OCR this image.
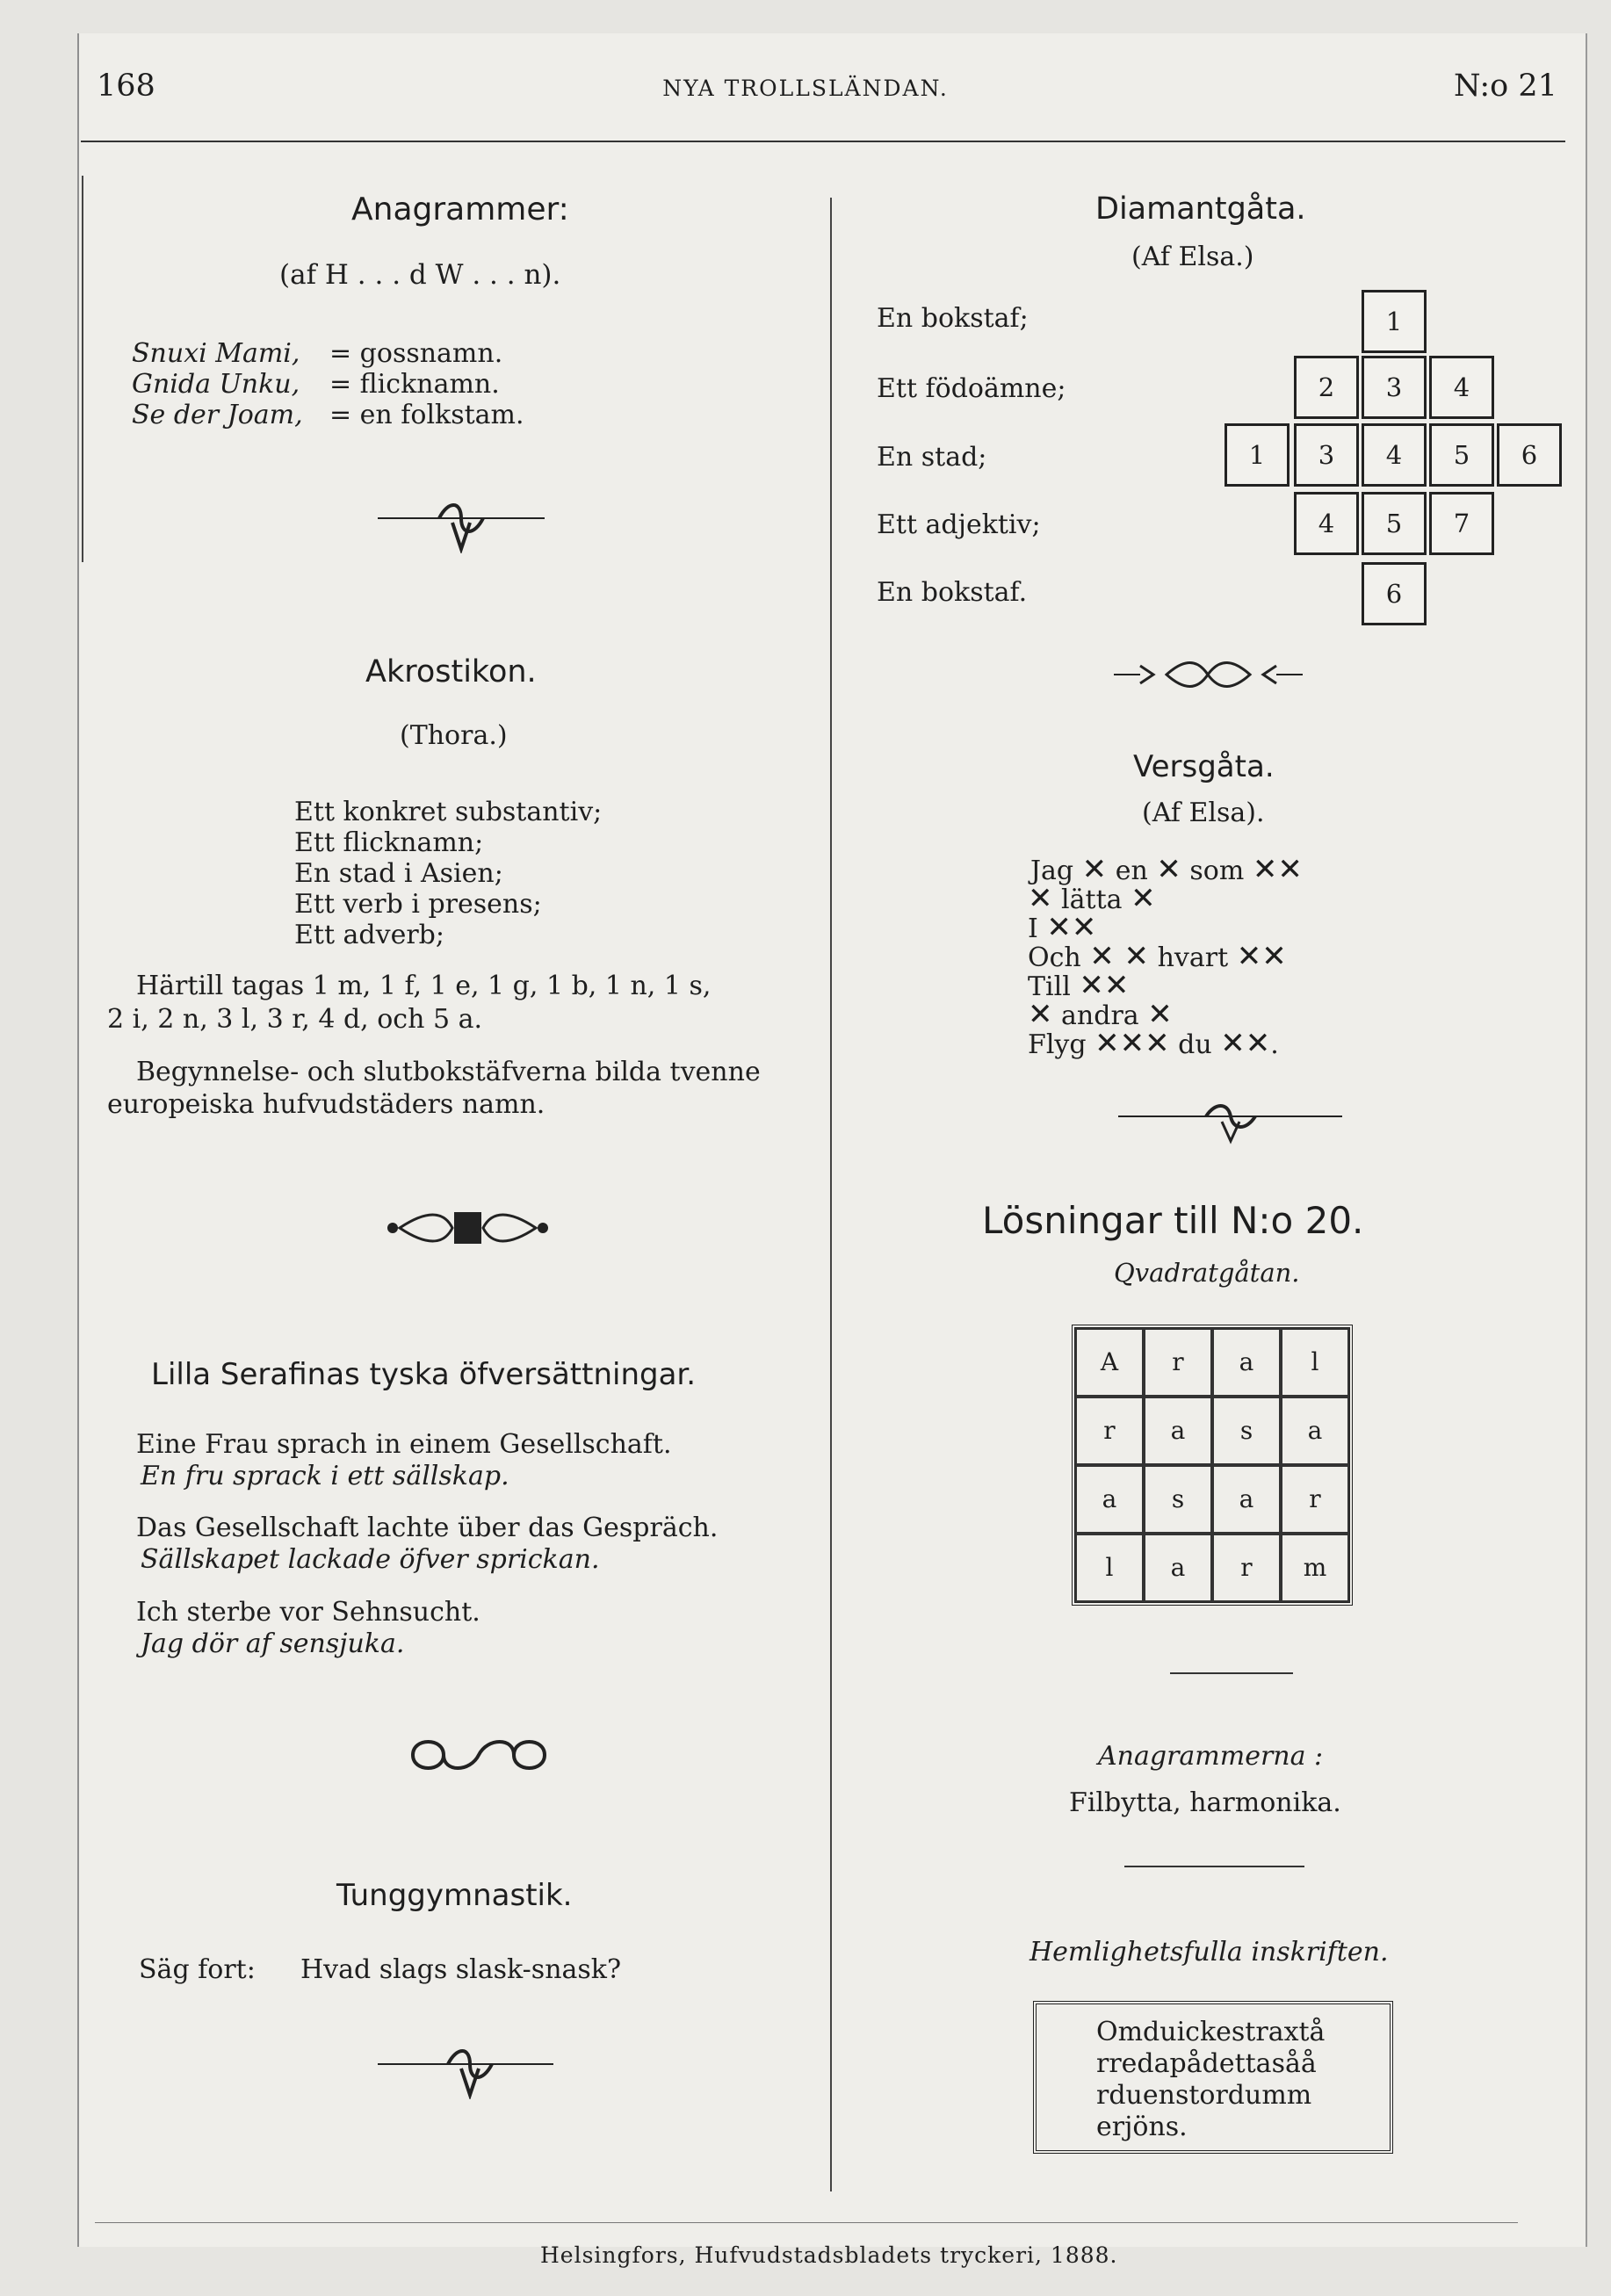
168	NYA TROLLSLÄNDAN.	N:o 21
Anagrammer:
(af H . . . d W . . . n).
Snuxi Mami, = gossnamn.
Gnida Unku, = flicknamn.
Se der Joam, = en folkstam.
Akrostikon.
(Thora.)
Ett konkret substantiv;
Ett flicknamn;
En stad i Asien;
Ett verb i presens;
Ett adverb;
Härtill tagas 1 m, 1 f, 1 e, 1 g, 1 b, 1 n, 1 s,
2 i, 2 n, 3 l, 3 r, 4 d, och 5 a.
Begynnelse- och slutbokstäfverna bilda tvenne
europeiska hufvudstäders namn.
Lilla Serafinas tyska öfversättningar.
Eine Frau sprach in einem Gesellschaft.
En fru sprack i ett sällskap.
Das Gesellschaft lachte über das Gespräch.
Sällskapet lackade öfver sprickan.
Ich sterbe vor Sehnsucht.
Jag dör af sensjuka.
Tunggymnastik.
Säg fort: Hvad slags slask-snask?
Diamantgåta.
(Af Elsa.)
En bokstaf;
Ett födoämne;
En stad;
Ett adjektiv;
En bokstaf.
1
2	3	4
1	3	4	5	6
4	5	7
6
Versgåta.
(Af Elsa).
Jag ✕ en ✕ som ✕✕
✕ lätta ✕
I ✕✕
Och ✕ ✕ hvart ✕✕
Till ✕✕
✕ andra ✕
Flyg ✕✕✕ du ✕✕.
Lösningar till N:o 20.
Qvadratgåtan.
A	r	a	l
r	a	s	a
a	s	a	r
l	a	r	m
Anagrammerna :
Filbytta, harmonika.
Hemlighetsfulla inskriften.
Omduickestraxtå
rredapådettasåå
rduenstordumm
erjöns.
Helsingfors, Hufvudstadsbladets tryckeri, 1888.
